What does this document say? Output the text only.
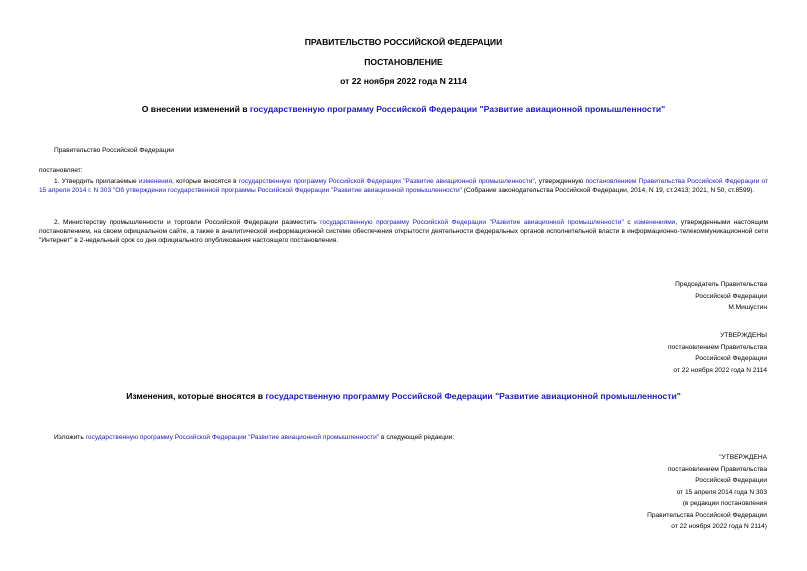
ПРАВИТЕЛЬСТВО РОССИЙСКОЙ ФЕДЕРАЦИИ
ПОСТАНОВЛЕНИЕ
от 22 ноября 2022 года N 2114
О внесении изменений в государственную программу Российской Федерации "Развитие авиационной промышленности"
Правительство Российской Федерации
постановляет:
1. Утвердить прилагаемые изменения, которые вносятся в государственную программу Российской Федерации "Развитие авиационной промышленности", утвержденную постановлением Правительства Российской Федерации от 15 апреля 2014 г. N 303 "Об утверждении государственной программы Российской Федерации "Развитие авиационной промышленности" (Собрание законодательства Российской Федерации, 2014, N 19, ст.2413; 2021, N 50, ст.8599).
2. Министерству промышленности и торговли Российской Федерации разместить государственную программу Российской Федерации "Развитие авиационной промышленности" с изменениями, утвержденными настоящим постановлением, на своем официальном сайте, а также в аналитической информационной системе обеспечения открытости деятельности федеральных органов исполнительной власти в информационно-телекоммуникационной сети "Интернет" в 2-недельный срок со дня официального опубликования настоящего постановления.
Председатель Правительства
Российской Федерации
М.Мишустин
УТВЕРЖДЕНЫ
постановлением Правительства
Российской Федерации
от 22 ноября 2022 года N 2114
Изменения, которые вносятся в государственную программу Российской Федерации "Развитие авиационной промышленности"
Изложить государственную программу Российской Федерации "Развитие авиационной промышленности" в следующей редакции:
"УТВЕРЖДЕНА
постановлением Правительства
Российской Федерации
от 15 апреля 2014 года N 303
(в редакции постановления
Правительства Российской Федерации
от 22 ноября 2022 года N 2114)
